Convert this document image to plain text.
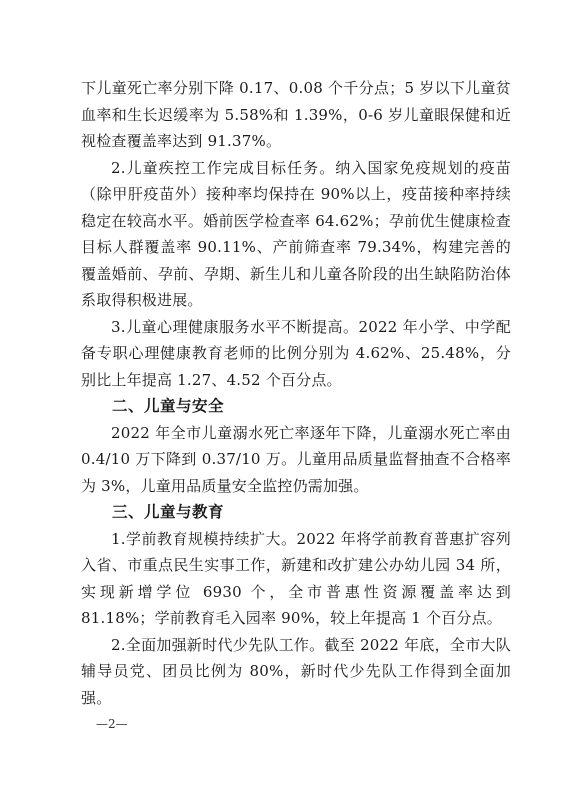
下儿童死亡率分别下降 0.17、0.08 个千分点；5 岁以下儿童贫血率和生长迟缓率为 5.58%和 1.39%，0-6 岁儿童眼保健和近视检查覆盖率达到 91.37%。

2.儿童疾控工作完成目标任务。纳入国家免疫规划的疫苗（除甲肝疫苗外）接种率均保持在 90%以上，疫苗接种率持续稳定在较高水平。婚前医学检查率 64.62%；孕前优生健康检查目标人群覆盖率 90.11%、产前筛查率 79.34%，构建完善的覆盖婚前、孕前、孕期、新生儿和儿童各阶段的出生缺陷防治体系取得积极进展。

3.儿童心理健康服务水平不断提高。2022 年小学、中学配备专职心理健康教育老师的比例分别为 4.62%、25.48%，分别比上年提高 1.27、4.52 个百分点。

二、儿童与安全

2022 年全市儿童溺水死亡率逐年下降，儿童溺水死亡率由 0.4/10 万下降到 0.37/10 万。儿童用品质量监督抽查不合格率为 3%，儿童用品质量安全监控仍需加强。

三、儿童与教育

1.学前教育规模持续扩大。2022 年将学前教育普惠扩容列入省、市重点民生实事工作，新建和改扩建公办幼儿园 34 所，实现新增学位 6930 个，全市普惠性资源覆盖率达到 81.18%；学前教育毛入园率 90%，较上年提高 1 个百分点。

2.全面加强新时代少先队工作。截至 2022 年底，全市大队辅导员党、团员比例为 80%，新时代少先队工作得到全面加强。

—2—
